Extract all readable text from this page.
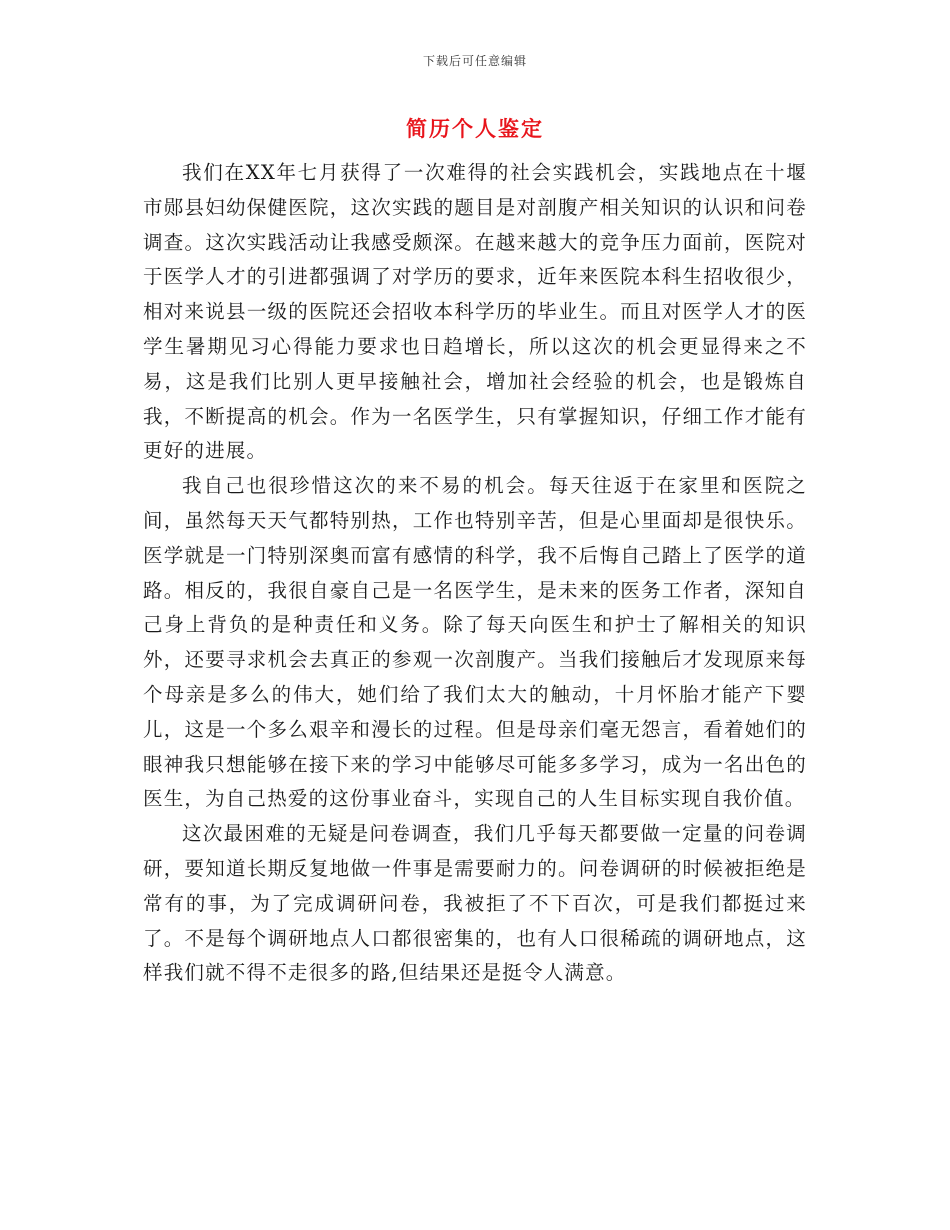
下载后可任意编辑
简历个人鉴定

我们在XX年七月获得了一次难得的社会实践机会，实践地点在十堰市郧县妇幼保健医院，这次实践的题目是对剖腹产相关知识的认识和问卷调查。这次实践活动让我感受颇深。在越来越大的竞争压力面前，医院对于医学人才的引进都强调了对学历的要求，近年来医院本科生招收很少，相对来说县一级的医院还会招收本科学历的毕业生。而且对医学人才的医学生暑期见习心得能力要求也日趋增长，所以这次的机会更显得来之不易，这是我们比别人更早接触社会，增加社会经验的机会，也是锻炼自我，不断提高的机会。作为一名医学生，只有掌握知识，仔细工作才能有更好的进展。

我自己也很珍惜这次的来不易的机会。每天往返于在家里和医院之间，虽然每天天气都特别热，工作也特别辛苦，但是心里面却是很快乐。医学就是一门特别深奥而富有感情的科学，我不后悔自己踏上了医学的道路。相反的，我很自豪自己是一名医学生，是未来的医务工作者，深知自己身上背负的是种责任和义务。除了每天向医生和护士了解相关的知识外，还要寻求机会去真正的参观一次剖腹产。当我们接触后才发现原来每个母亲是多么的伟大，她们给了我们太大的触动，十月怀胎才能产下婴儿，这是一个多么艰辛和漫长的过程。但是母亲们毫无怨言，看着她们的眼神我只想能够在接下来的学习中能够尽可能多多学习，成为一名出色的医生，为自己热爱的这份事业奋斗，实现自己的人生目标实现自我价值。

这次最困难的无疑是问卷调查，我们几乎每天都要做一定量的问卷调研，要知道长期反复地做一件事是需要耐力的。问卷调研的时候被拒绝是常有的事，为了完成调研问卷，我被拒了不下百次，可是我们都挺过来了。不是每个调研地点人口都很密集的，也有人口很稀疏的调研地点，这样我们就不得不走很多的路,但结果还是挺令人满意。
